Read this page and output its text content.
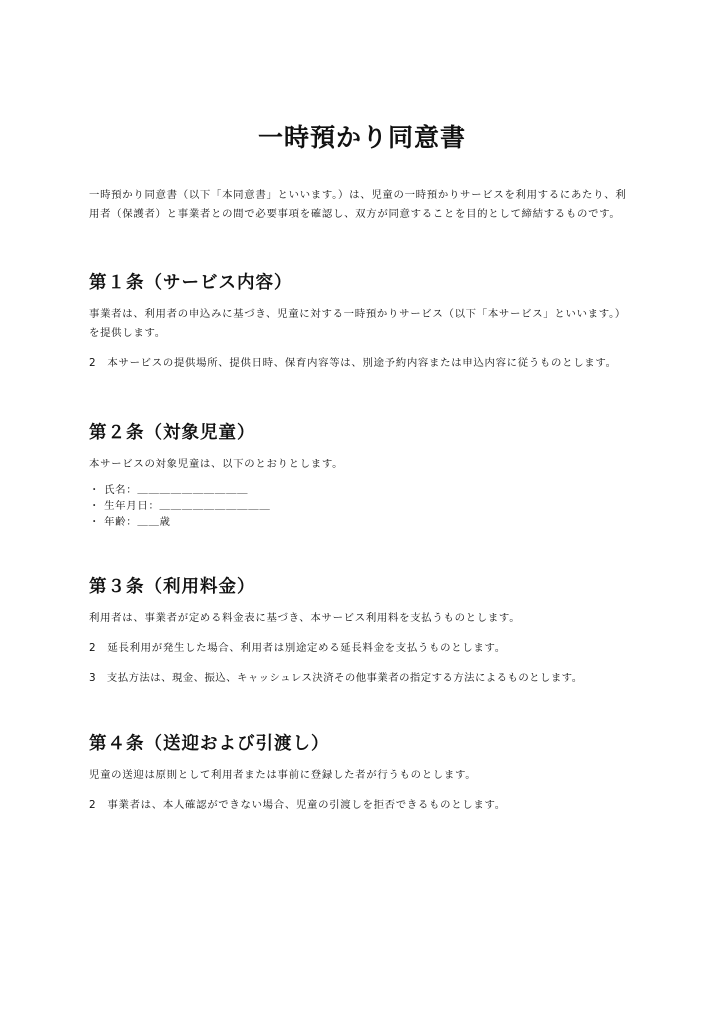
一時預かり同意書

一時預かり同意書（以下「本同意書」といいます。）は、児童の一時預かりサービスを利用するにあたり、利用者（保護者）と事業者との間で必要事項を確認し、双方が同意することを目的として締結するものです。

第１条（サービス内容）

事業者は、利用者の申込みに基づき、児童に対する一時預かりサービス（以下「本サービス」といいます。）を提供します。

2　本サービスの提供場所、提供日時、保育内容等は、別途予約内容または申込内容に従うものとします。

第２条（対象児童）

本サービスの対象児童は、以下のとおりとします。

・ 氏名：＿＿＿＿＿＿＿＿＿＿
・ 生年月日：＿＿＿＿＿＿＿＿＿＿
・ 年齢：＿＿歳
第３条（利用料金）

利用者は、事業者が定める料金表に基づき、本サービス利用料を支払うものとします。

2　延長利用が発生した場合、利用者は別途定める延長料金を支払うものとします。

3　支払方法は、現金、振込、キャッシュレス決済その他事業者の指定する方法によるものとします。

第４条（送迎および引渡し）

児童の送迎は原則として利用者または事前に登録した者が行うものとします。

2　事業者は、本人確認ができない場合、児童の引渡しを拒否できるものとします。
